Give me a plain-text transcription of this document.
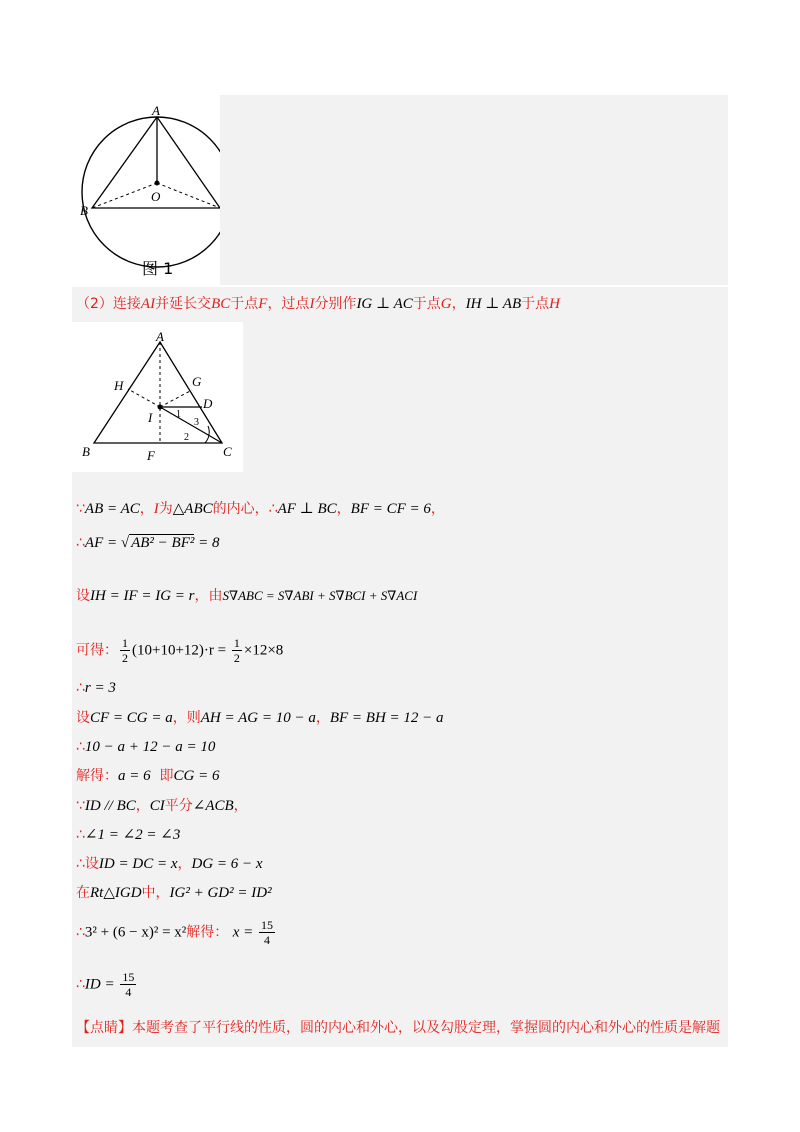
A
B
O
图 1
（2）连接AI并延长交BC于点F，过点I分别作IG ⊥ AC于点G，IH ⊥ AB于点H
A
B	C
D
F
G
H
I 1
2
3
∵AB = AC，I为△ABC的内心，∴AF ⊥ BC，BF = CF = 6，
∴AF = √ AB² − BF² = 8
设IH = IF = IG = r，由S∇ABC = S∇ABI + S∇BCI + S∇ACI
可得： $\frac{1}{2} (10+10+12)\cdot r = \frac{1}{2} \times 12\times 8$
∴r = 3
设CF = CG = a，则AH = AG = 10 − a，BF = BH = 12 − a
∴10 − a + 12 − a = 10
解得：a = 6 即CG = 6
∵ID // BC，CI平分∠ACB，
∴∠1 = ∠2 = ∠3
∴设ID = DC = x，DG = 6 − x
在Rt△IGD中，IG² + GD² = ID²
∴3² + (6 − x)² = x²解得： $x = \frac{15}{4}$
∴ID = $\frac{15}{4}$
【点睛】本题考查了平行线的性质，圆的内心和外心，以及勾股定理，掌握圆的内心和外心的性质是解题
